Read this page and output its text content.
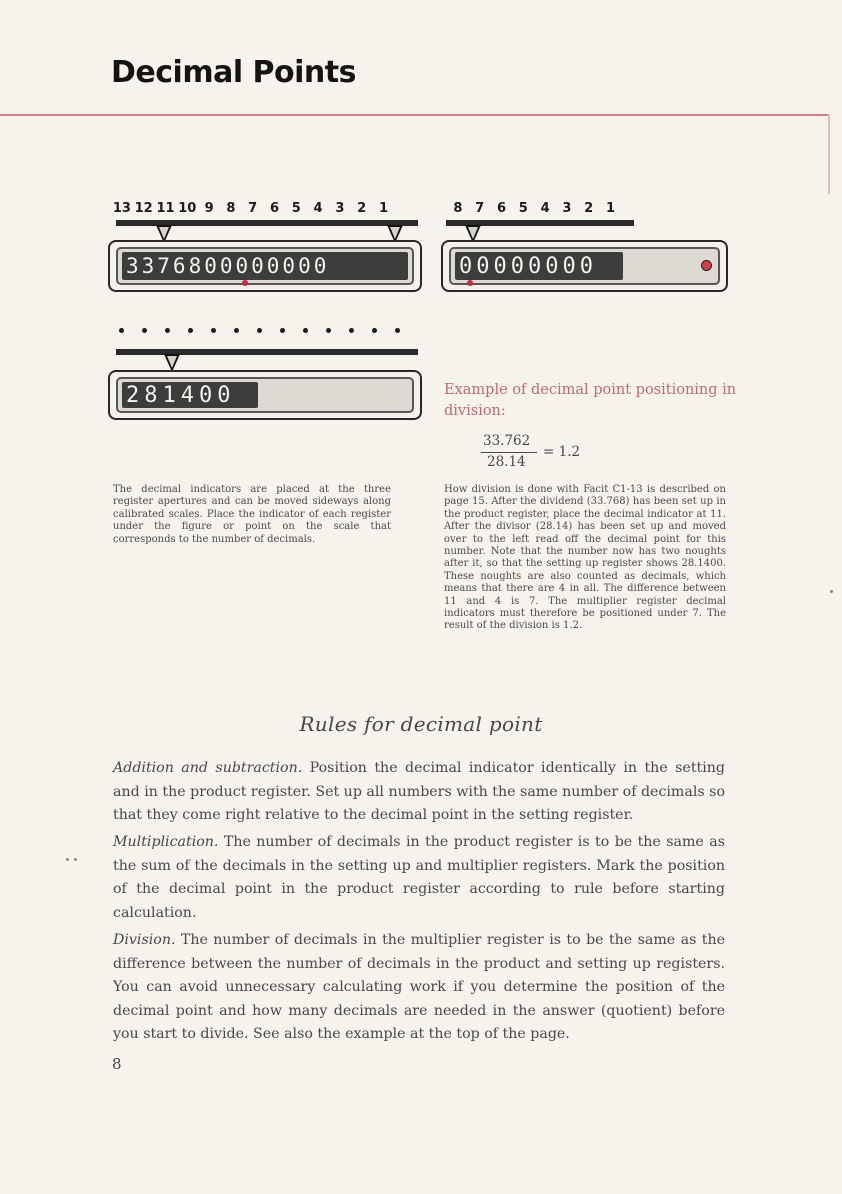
Decimal Points
13 12 11 10 9 8 7 6 5 4 3 2 1
3376800000000
8 7 6 5 4 3 2 1
00000000
281400	Example of decimal point positioning in division:

33.762
28.14
= 1.2

The decimal indicators are placed at the three register apertures and can be moved sideways along calibrated scales. Place the indicator of each register under the figure or point on the scale that corresponds to the number of decimals.

How division is done with Facit C1-13 is described on page 15. After the dividend (33.768) has been set up in the product register, place the decimal indicator at 11. After the divisor (28.14) has been set up and moved over to the left read off the decimal point for this number. Note that the number now has two noughts after it, so that the setting up register shows 28.1400. These noughts are also counted as decimals, which means that there are 4 in all. The difference between 11 and 4 is 7. The multiplier register decimal indicators must therefore be positioned under 7. The result of the division is 1.2.

Rules for decimal point

Addition and subtraction. Position the decimal indicator identically in the setting and in the product register. Set up all numbers with the same number of decimals so that they come right relative to the decimal point in the setting register.

Multiplication. The number of decimals in the product register is to be the same as the sum of the decimals in the setting up and multiplier registers. Mark the position of the decimal point in the product register according to rule before starting calculation.

Division. The number of decimals in the multiplier register is to be the same as the difference between the number of decimals in the product and setting up registers. You can avoid unnecessary calculating work if you determine the position of the decimal point and how many decimals are needed in the answer (quotient) before you start to divide. See also the example at the top of the page.

8
